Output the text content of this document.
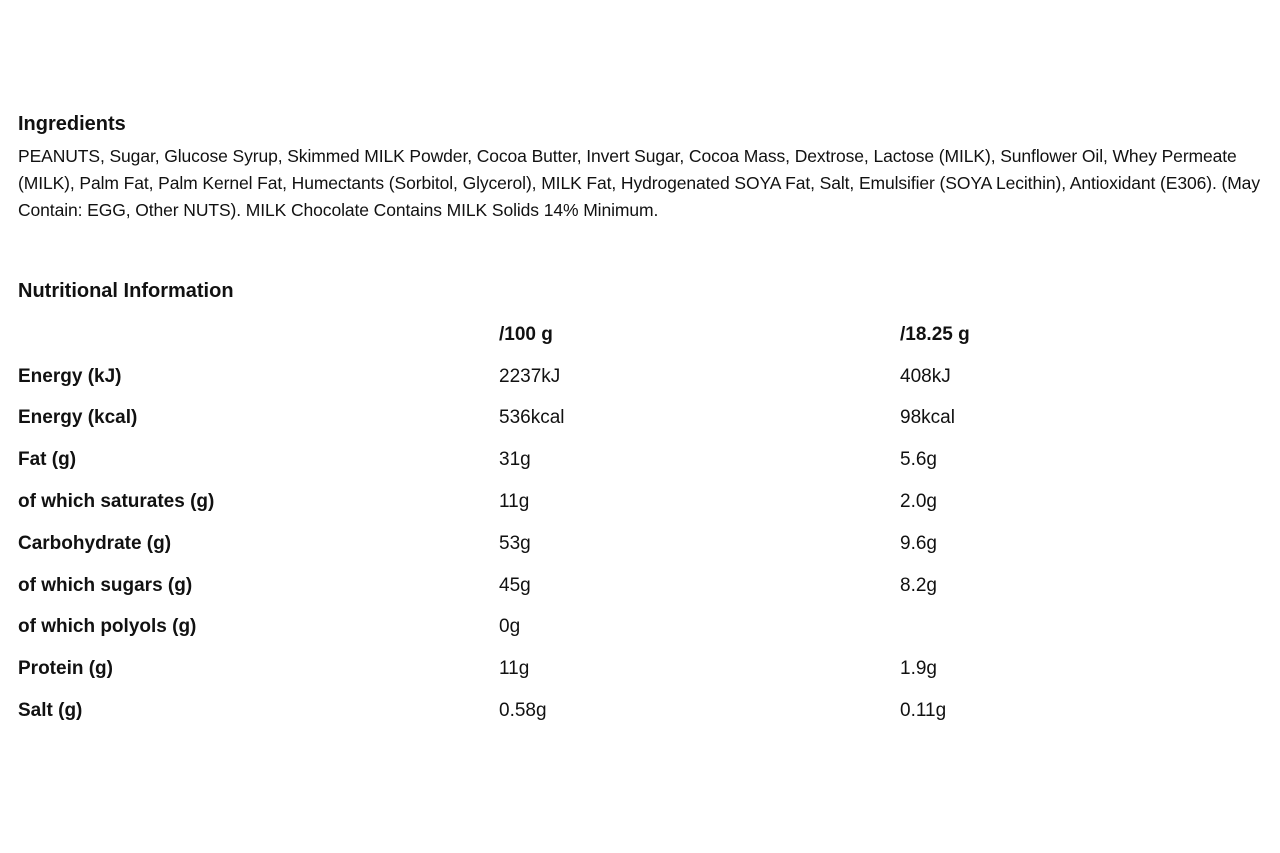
Ingredients

PEANUTS, Sugar, Glucose Syrup, Skimmed MILK Powder, Cocoa Butter, Invert Sugar, Cocoa Mass, Dextrose, Lactose (MILK), Sunflower Oil, Whey Permeate (MILK), Palm Fat, Palm Kernel Fat, Humectants (Sorbitol, Glycerol), MILK Fat, Hydrogenated SOYA Fat, Salt, Emulsifier (SOYA Lecithin), Antioxidant (E306). (May Contain: EGG, Other NUTS). MILK Chocolate Contains MILK Solids 14% Minimum.

Nutritional Information
	/100 g	/18.25 g
Energy (kJ)	2237kJ	408kJ
Energy (kcal)	536kcal	98kcal
Fat (g)	31g	5.6g
of which saturates (g)	11g	2.0g
Carbohydrate (g)	53g	9.6g
of which sugars (g)	45g	8.2g
of which polyols (g)	0g	
Protein (g)	11g	1.9g
Salt (g)	0.58g	0.11g
